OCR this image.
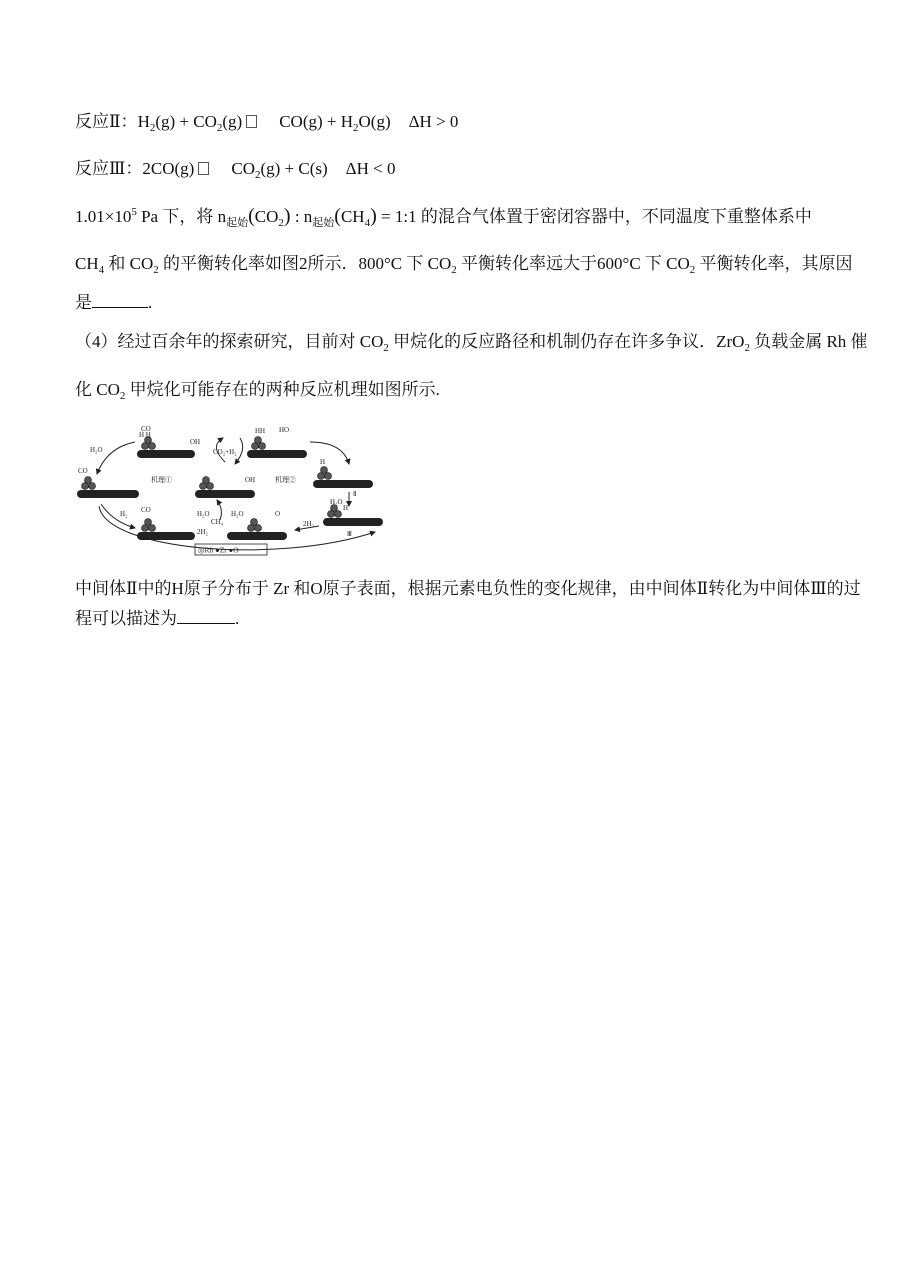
反应Ⅱ：$H_2(g) + CO_2(g) CO(g) + H_2O(g) \Delta H > 0$
反应Ⅲ：2CO(g) $CO_2(g) + C(s) \Delta H < 0$
$1.01\times 10^5$ Pa 下，将 $n_{起始}(CO_2)$ : $n_{起始}(CH_4)$ = 1:1 的混合气体置于密闭容器中，不同温度下重整体系中
$CH_4$ 和 $CO_2$ 的平衡转化率如图2所示．800°C 下 $CO_2$ 平衡转化率远大于600°C 下 $CO_2$ 平衡转化率，其原因
是	.
（4）经过百余年的探索研究，目前对 $CO_2$ 甲烷化的反应路径和机制仍存在许多争议．ZrO$_2$ 负载金属 Rh 催
化 $CO_2$ 甲烷化可能存在的两种反应机理如图所示.
CO
H H
OH
H₂O	CO₂+H₂
HH HO
Ⅰ
CO
机理①	OH	机理②
H
Ⅱ
H
H₂O
H₂ CO	H₂O
2H₂
CH₄
H₂O	O
2H₂
Ⅲ
◎Rh ●Zr ●O
中间体Ⅱ中的H原子分布于 Zr 和O原子表面，根据元素电负性的变化规律，由中间体Ⅱ转化为中间体Ⅲ的过
程可以描述为	.
